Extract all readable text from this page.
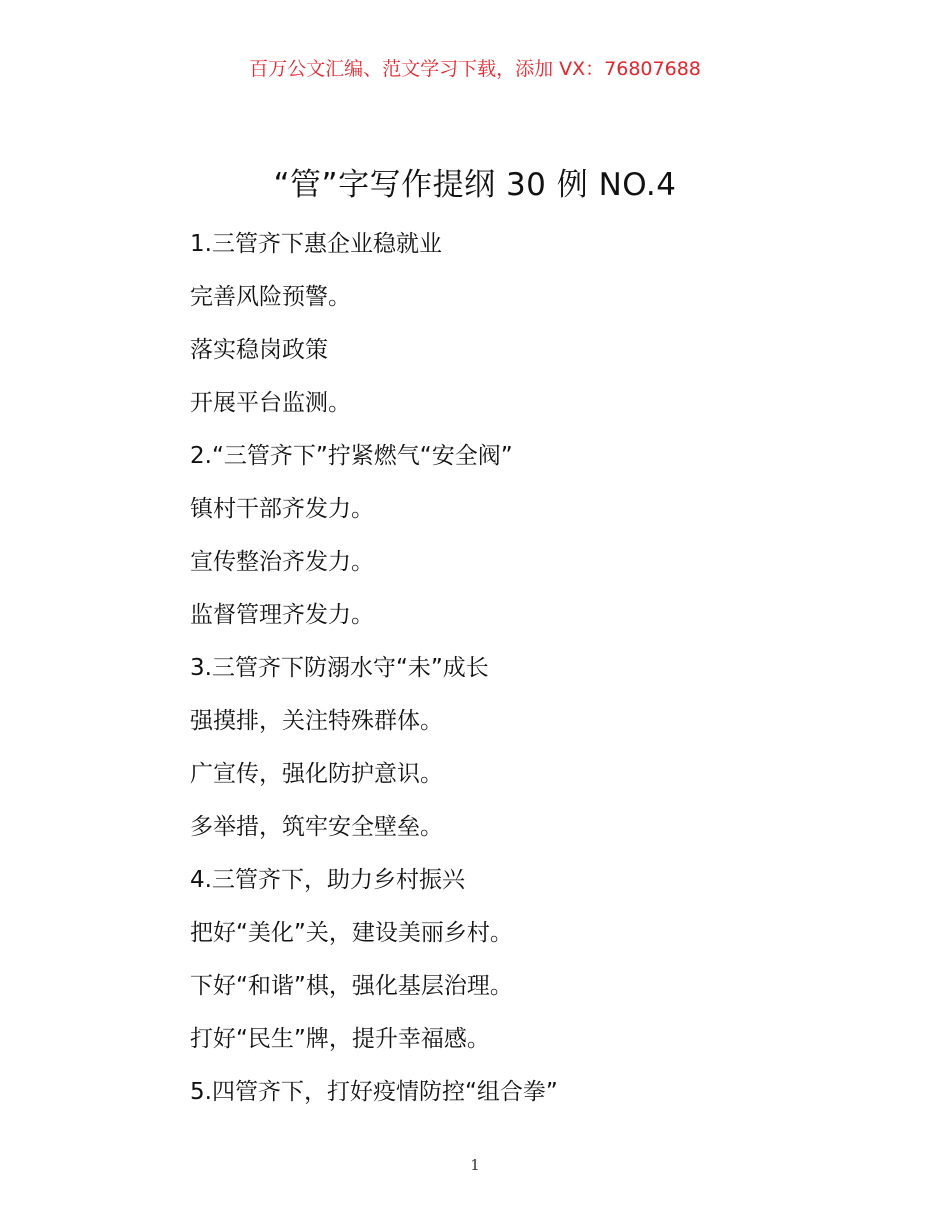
百万公文汇编、范文学习下载，添加 VX：76807688
“管”字写作提纲 30 例 NO.4
1.三管齐下惠企业稳就业
完善风险预警。
落实稳岗政策
开展平台监测。
2.“三管齐下”拧紧燃气“安全阀”
镇村干部齐发力。
宣传整治齐发力。
监督管理齐发力。
3.三管齐下防溺水守“未”成长
强摸排，关注特殊群体。
广宣传，强化防护意识。
多举措，筑牢安全壁垒。
4.三管齐下，助力乡村振兴
把好“美化”关，建设美丽乡村。
下好“和谐”棋，强化基层治理。
打好“民生”牌，提升幸福感。
5.四管齐下，打好疫情防控“组合拳”
1
